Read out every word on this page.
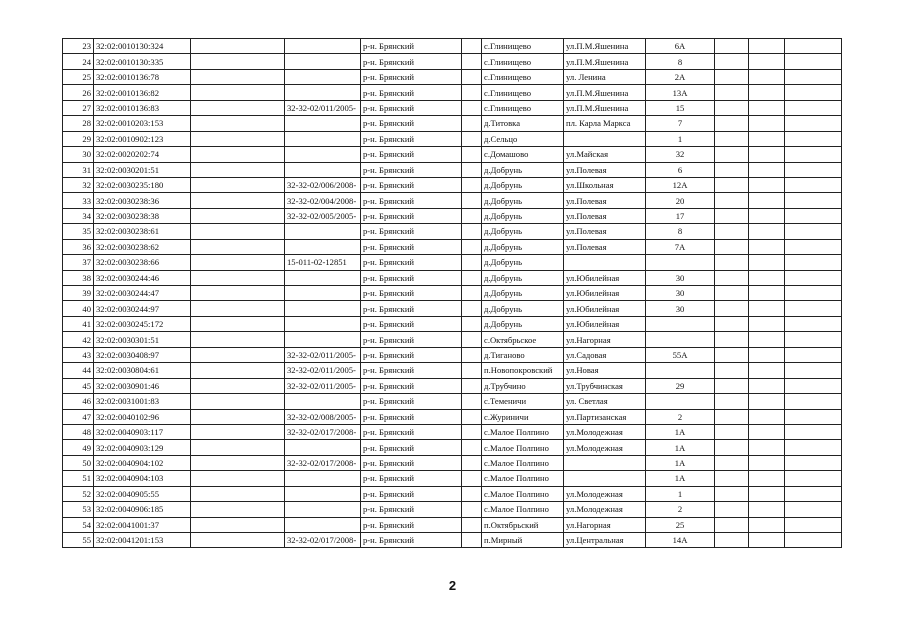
23	32:02:0010130:324			р-н. Брянский		с.Глинищево	ул.П.М.Яшенина	6А			
24	32:02:0010130:335			р-н. Брянский		с.Глинищево	ул.П.М.Яшенина	8			
25	32:02:0010136:78			р-н. Брянский		с.Глинищево	ул. Ленина	2А			
26	32:02:0010136:82			р-н. Брянский		с.Глинищево	ул.П.М.Яшенина	13А			
27	32:02:0010136:83		32-32-02/011/2005-	р-н. Брянский		с.Глинищево	ул.П.М.Яшенина	15			
28	32:02:0010203:153			р-н. Брянский		д.Титовка	пл. Карла Маркса	7			
29	32:02:0010902:123			р-н. Брянский		д.Сельцо		1			
30	32:02:0020202:74			р-н. Брянский		с.Домашово	ул.Майская	32			
31	32:02:0030201:51			р-н. Брянский		д.Добрунь	ул.Полевая	6			
32	32:02:0030235:180		32-32-02/006/2008-	р-н. Брянский		д.Добрунь	ул.Школьная	12А			
33	32:02:0030238:36		32-32-02/004/2008-	р-н. Брянский		д.Добрунь	ул.Полевая	20			
34	32:02:0030238:38		32-32-02/005/2005-	р-н. Брянский		д.Добрунь	ул.Полевая	17			
35	32:02:0030238:61			р-н. Брянский		д.Добрунь	ул.Полевая	8			
36	32:02:0030238:62			р-н. Брянский		д.Добрунь	ул.Полевая	7А			
37	32:02:0030238:66		15-011-02-12851	р-н. Брянский		д.Добрунь					
38	32:02:0030244:46			р-н. Брянский		д.Добрунь	ул.Юбилейная	30			
39	32:02:0030244:47			р-н. Брянский		д.Добрунь	ул.Юбилейная	30			
40	32:02:0030244:97			р-н. Брянский		д.Добрунь	ул.Юбилейная	30			
41	32:02:0030245:172			р-н. Брянский		д.Добрунь	ул.Юбилейная				
42	32:02:0030301:51			р-н. Брянский		с.Октябрьское	ул.Нагорная				
43	32:02:0030408:97		32-32-02/011/2005-	р-н. Брянский		д.Тиганово	ул.Садовая	55А			
44	32:02:0030804:61		32-32-02/011/2005-	р-н. Брянский		п.Новопокровский	ул.Новая				
45	32:02:0030901:46		32-32-02/011/2005-	р-н. Брянский		д.Трубчино	ул.Трубчинская	29			
46	32:02:0031001:83			р-н. Брянский		с.Теменичи	ул. Светлая				
47	32:02:0040102:96		32-32-02/008/2005-	р-н. Брянский		с.Журиничи	ул.Партизанская	2			
48	32:02:0040903:117		32-32-02/017/2008-	р-н. Брянский		с.Малое Полпино	ул.Молодежная	1А			
49	32:02:0040903:129			р-н. Брянский		с.Малое Полпино	ул.Молодежная	1А			
50	32:02:0040904:102		32-32-02/017/2008-	р-н. Брянский		с.Малое Полпино		1А			
51	32:02:0040904:103			р-н. Брянский		с.Малое Полпино		1А			
52	32:02:0040905:55			р-н. Брянский		с.Малое Полпино	ул.Молодежная	1			
53	32:02:0040906:185			р-н. Брянский		с.Малое Полпино	ул.Молодежная	2			
54	32:02:0041001:37			р-н. Брянский		п.Октябрьский	ул.Нагорная	25			
55	32:02:0041201:153		32-32-02/017/2008-	р-н. Брянский		п.Мирный	ул.Центральная	14А			
2
